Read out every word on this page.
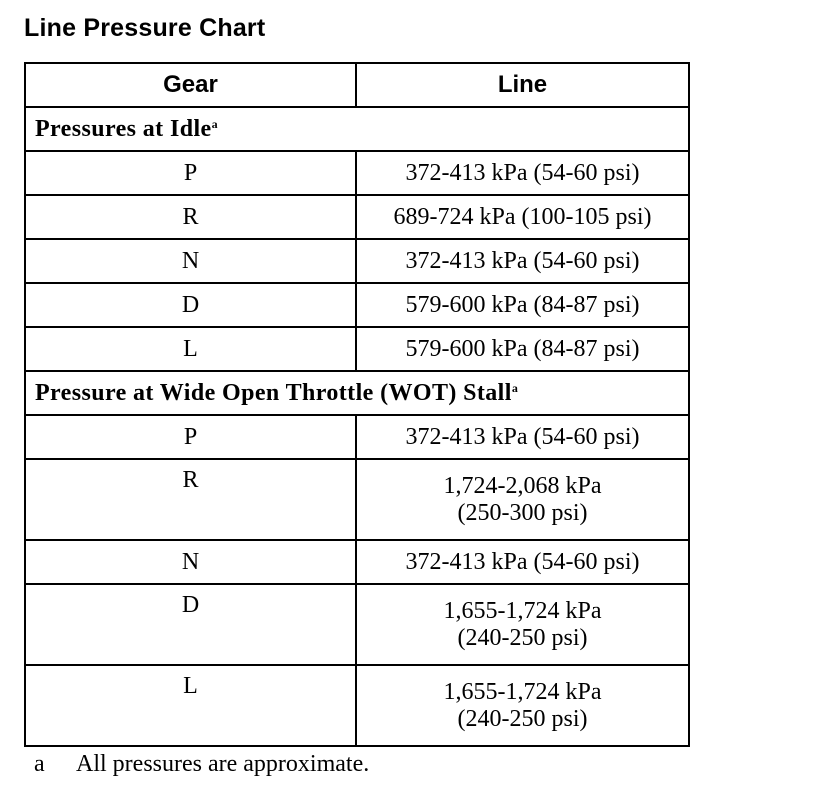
Line Pressure Chart
Gear	Line
Pressures at Idle$^a$
P	372-413 kPa (54-60 psi)
R	689-724 kPa (100-105 psi)
N	372-413 kPa (54-60 psi)
D	579-600 kPa (84-87 psi)
L	579-600 kPa (84-87 psi)
Pressure at Wide Open Throttle (WOT) Stall$^a$
P	372-413 kPa (54-60 psi)
R	1,724-2,068 kPa
(250-300 psi)

N	372-413 kPa (54-60 psi)
D	1,655-1,724 kPa
(240-250 psi)

L	1,655-1,724 kPa
(240-250 psi)
a All pressures are approximate.
